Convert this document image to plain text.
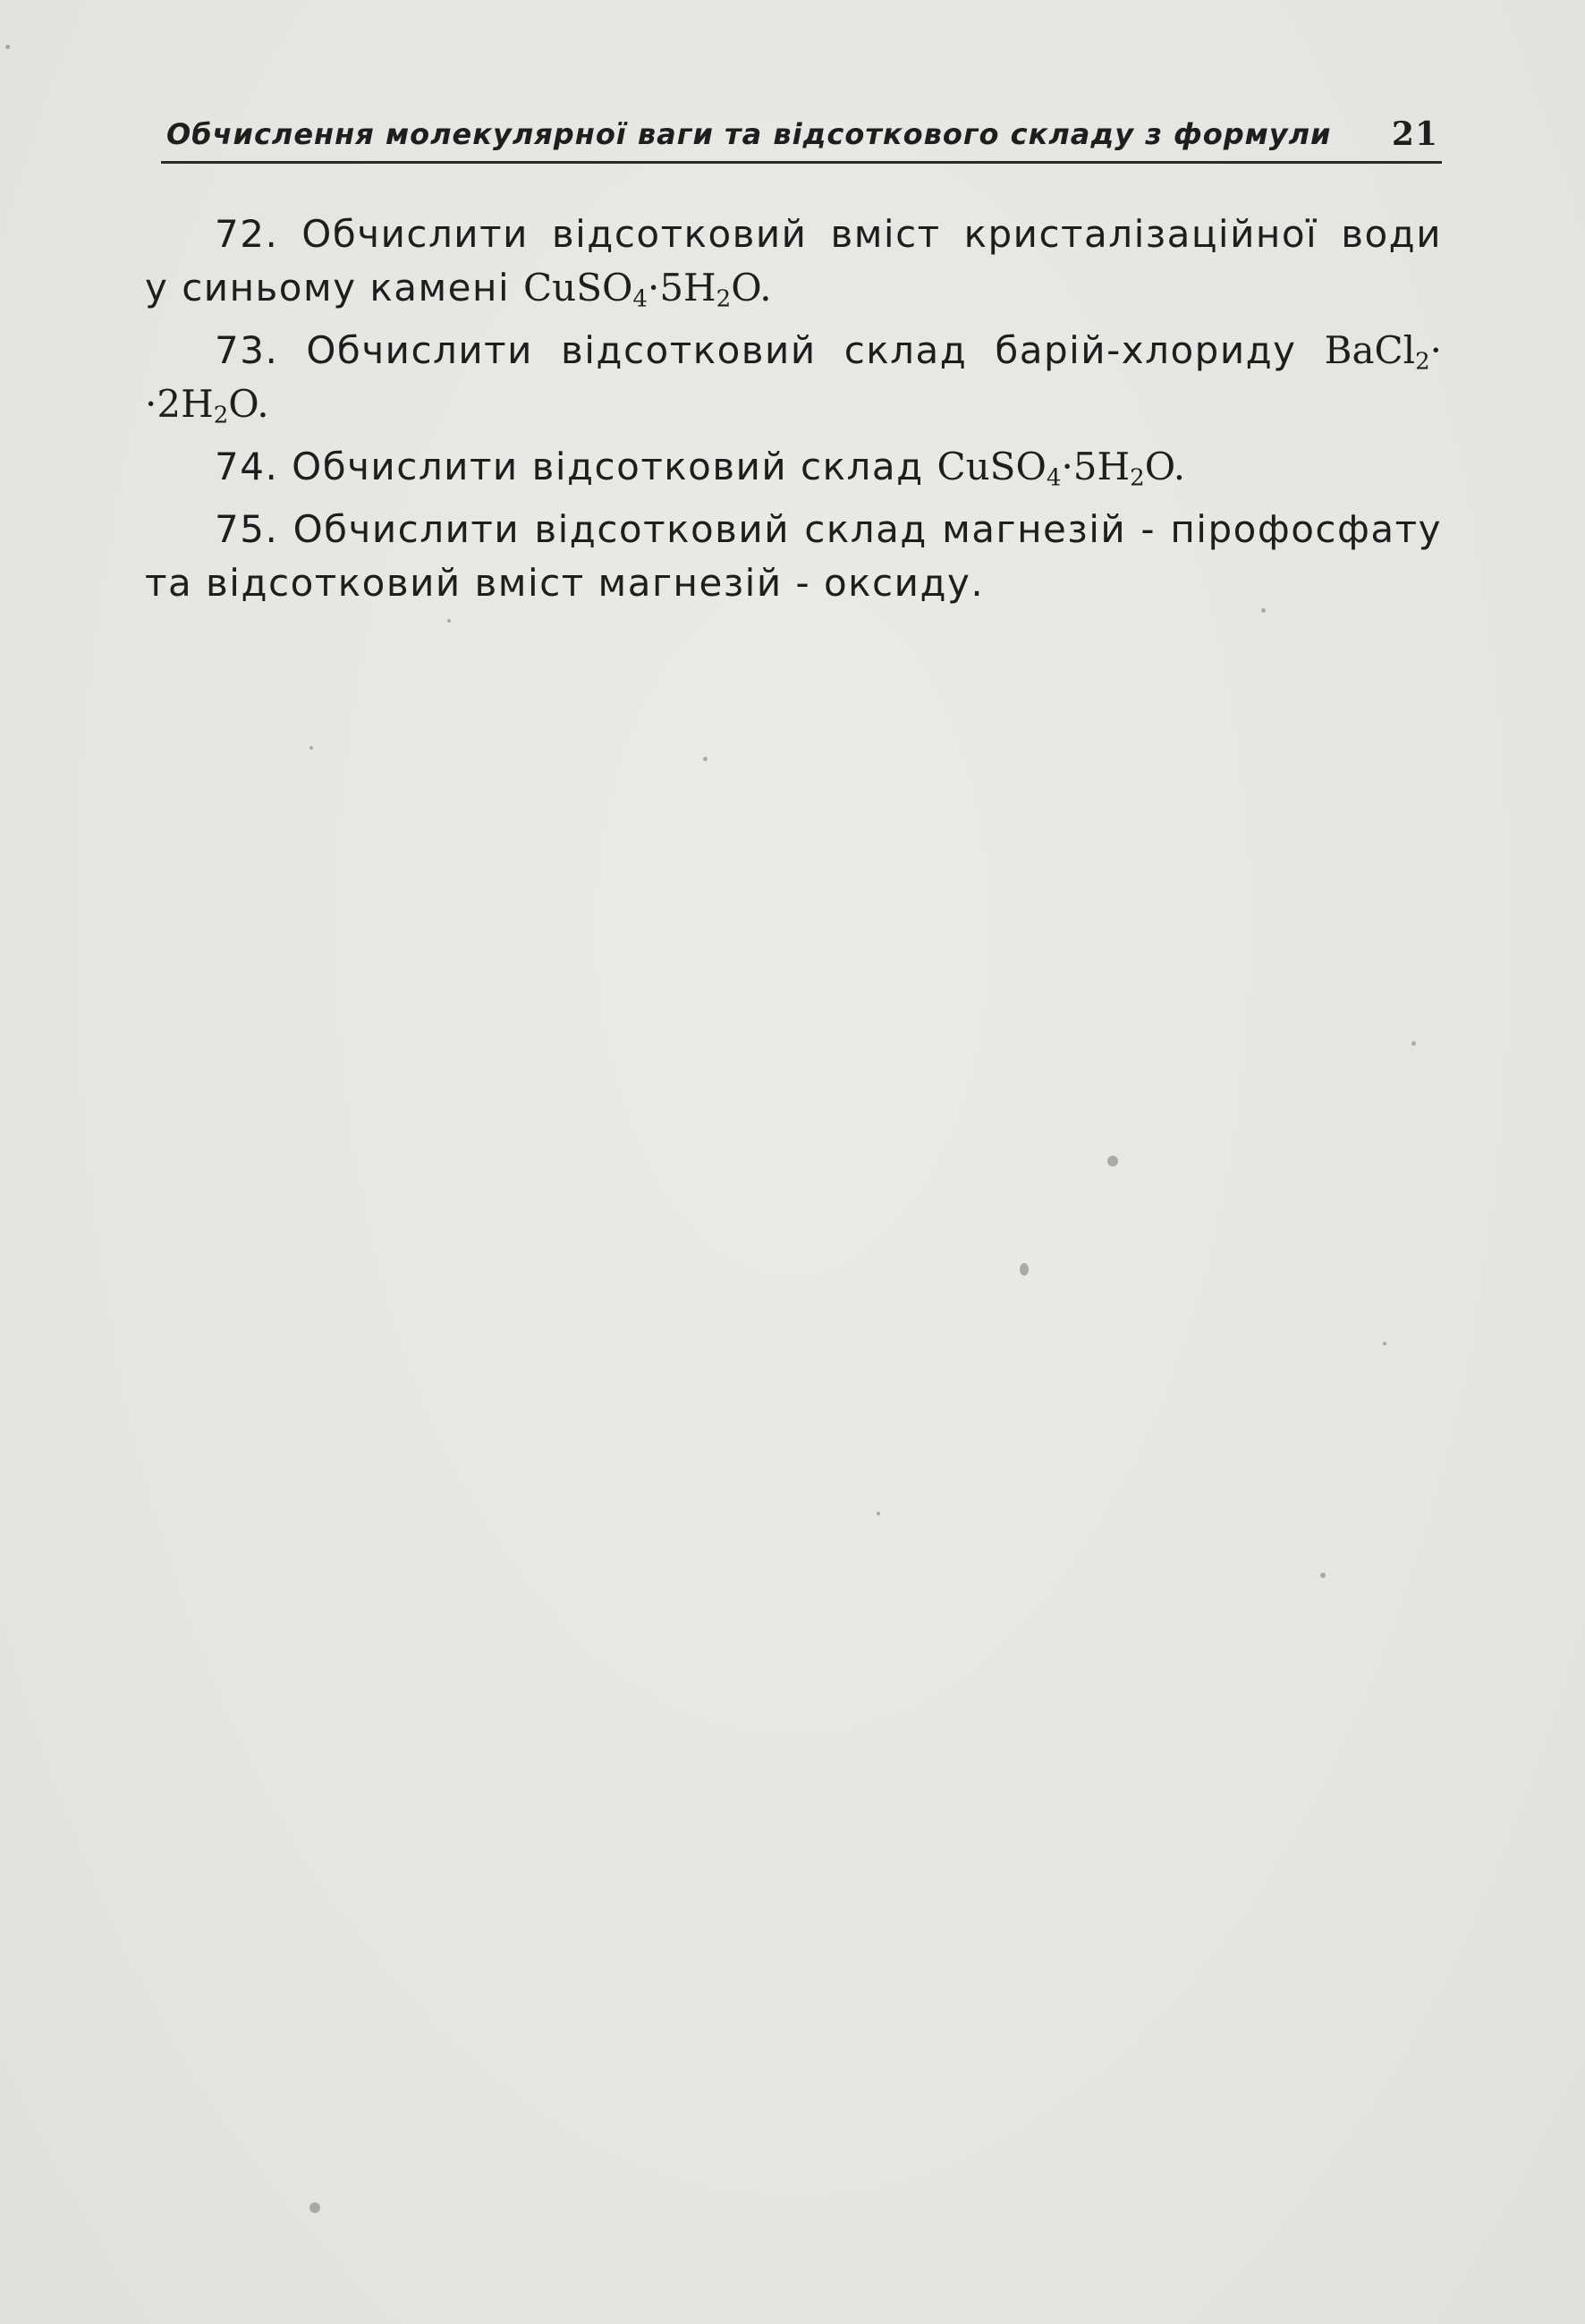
Обчислення молекулярної ваги та відсоткового складу з формули 21
72. Обчислити відсотковий вміст кристалізаційної води
у синьому камені $CuSO_4\cdot 5H_2O$.
73. Обчислити відсотковий склад барій-хлориду BaCl$_2$·
$\cdot 2H_2O$.
74. Обчислити відсотковий склад $CuSO_4\cdot 5H_2O$.
75. Обчислити відсотковий склад магнезій - пірофосфату
та відсотковий вміст магнезій - оксиду.
